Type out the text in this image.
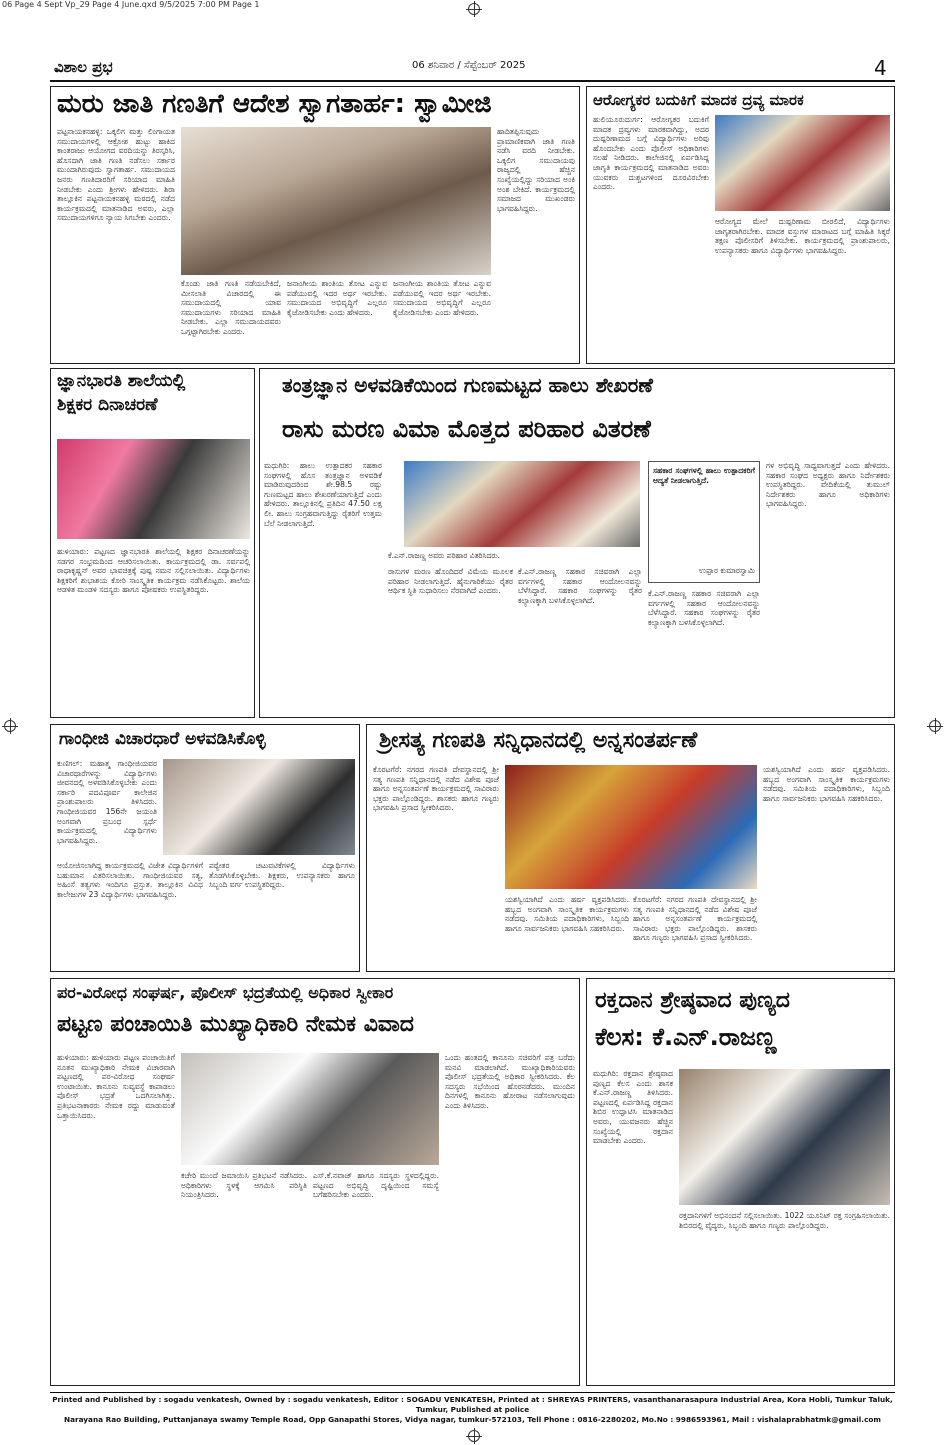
06 Page 4 Sept Vp_29 Page 4 June.qxd 9/5/2025 7:00 PM Page 1
ವಿಶಾಲ ಪ್ರಭ	06 ಶನಿವಾರ / ಸೆಪ್ಟೆಂಬರ್ 2025	4
ಮರು ಜಾತಿ ಗಣತಿಗೆ ಆದೇಶ ಸ್ವಾಗತಾರ್ಹ: ಸ್ವಾಮೀಜಿ
ಪಟ್ಟನಾಯಕನಹಳ್ಳಿ: ಒಕ್ಕಲಿಗ ಮತ್ತು ಲಿಂಗಾಯತ ಸಮುದಾಯಗಳಲ್ಲಿ ಆಕ್ರೋಶ ಹುಟ್ಟು ಹಾಕಿದ ಕಾಂತರಾಜು ಆಯೋಗದ ವರದಿಯನ್ನು ತಿರಸ್ಕರಿಸಿ, ಹೊಸದಾಗಿ ಜಾತಿ ಗಣತಿ ನಡೆಸಲು ಸರ್ಕಾರ ಮುಂದಾಗಿರುವುದು ಸ್ವಾಗತಾರ್ಹ. ಸಮುದಾಯದ ಜನರು ಗಣತಿದಾರರಿಗೆ ಸರಿಯಾದ ಮಾಹಿತಿ ನೀಡಬೇಕು ಎಂದು ಶ್ರೀಗಳು ಹೇಳಿದರು. ಶಿರಾ ತಾಲ್ಲೂಕಿನ ಪಟ್ಟನಾಯಕನಹಳ್ಳಿ ಮಠದಲ್ಲಿ ನಡೆದ ಕಾರ್ಯಕ್ರಮದಲ್ಲಿ ಮಾತನಾಡಿದ ಅವರು, ಎಲ್ಲಾ ಸಮುದಾಯಗಳಿಗೂ ನ್ಯಾಯ ಸಿಗಬೇಕು ಎಂದರು.
ಕೊಂಡು ಜಾತಿ ಗಣತಿ ನಡೆಯಬೇಕಿದೆ, ಮೀಸಲಾತಿ ವಿಚಾರದಲ್ಲಿ ಈ ಸಮುದಾಯದಲ್ಲಿ ಯಾವ ಸಮುದಾಯಗಳು ಸರಿಯಾದ ಮಾಹಿತಿ ನೀಡಬೇಕು. ಎಲ್ಲಾ ಸಮುದಾಯದವರು ಒಗ್ಗಟ್ಟಾಗಿರಬೇಕು ಎಂದರು.
ಜನಾಂಗೀಯ ಶಾಂತಿಯ ತೋಟ ಎನ್ನುವ ಪಡೆಯುವಲ್ಲಿ ಇದರ ಅರ್ಥ ಇರಬೇಕು. ಸಮುದಾಯದ ಅಭಿವೃದ್ಧಿಗೆ ಎಲ್ಲರೂ ಕೈಜೋಡಿಸಬೇಕು ಎಂದು ಹೇಳಿದರು.
ಜನಾಂಗೀಯ ಶಾಂತಿಯ ತೋಟ ಎನ್ನುವ ಪಡೆಯುವಲ್ಲಿ ಇದರ ಅರ್ಥ ಇರಬೇಕು. ಸಮುದಾಯದ ಅಭಿವೃದ್ಧಿಗೆ ಎಲ್ಲರೂ ಕೈಜೋಡಿಸಬೇಕು ಎಂದು ಹೇಳಿದರು.
ಹಾದಿತಪ್ಪಿಸುವುದು ಪ್ರಾಮಾಣಿಕವಾಗಿ ಜಾತಿ ಗಣತಿ ನಡೆಸಿ ವರದಿ ನೀಡಬೇಕು. ಒಕ್ಕಲಿಗ ಸಮುದಾಯವು ರಾಜ್ಯದಲ್ಲಿ ಹೆಚ್ಚಿನ ಸಂಖ್ಯೆಯಲ್ಲಿದ್ದು ಸರಿಯಾದ ಅಂಕಿ ಅಂಶ ಬೇಕಿದೆ. ಕಾರ್ಯಕ್ರಮದಲ್ಲಿ ಸಮಾಜದ ಮುಖಂಡರು ಭಾಗವಹಿಸಿದ್ದರು.
ಆರೋಗ್ಯಕರ ಬದುಕಿಗೆ ಮಾದಕ ದ್ರವ್ಯ ಮಾರಕ
ಹುಲಿಯೂರುದುರ್ಗ: ಆರೋಗ್ಯಕರ ಬದುಕಿಗೆ ಮಾದಕ ದ್ರವ್ಯಗಳು ಮಾರಕವಾಗಿದ್ದು, ಅದರ ದುಷ್ಪರಿಣಾಮದ ಬಗ್ಗೆ ವಿದ್ಯಾರ್ಥಿಗಳು ಅರಿವು ಹೊಂದಬೇಕು ಎಂದು ಪೊಲೀಸ್ ಅಧಿಕಾರಿಗಳು ಸಲಹೆ ನೀಡಿದರು. ಕಾಲೇಜಿನಲ್ಲಿ ಏರ್ಪಡಿಸಿದ್ದ ಜಾಗೃತಿ ಕಾರ್ಯಕ್ರಮದಲ್ಲಿ ಮಾತನಾಡಿದ ಅವರು ಯುವಕರು ದುಶ್ಚಟಗಳಿಂದ ದೂರವಿರಬೇಕು ಎಂದರು.
ಆರೋಗ್ಯದ ಮೇಲೆ ದುಷ್ಪರಿಣಾಮ ಬೀರಲಿದೆ, ವಿದ್ಯಾರ್ಥಿಗಳು ಜಾಗೃತರಾಗಿರಬೇಕು. ಮಾದಕ ವಸ್ತುಗಳ ಮಾರಾಟದ ಬಗ್ಗೆ ಮಾಹಿತಿ ಸಿಕ್ಕರೆ ತಕ್ಷಣ ಪೊಲೀಸರಿಗೆ ತಿಳಿಸಬೇಕು. ಕಾರ್ಯಕ್ರಮದಲ್ಲಿ ಪ್ರಾಂಶುಪಾಲರು, ಉಪನ್ಯಾಸಕರು ಹಾಗೂ ವಿದ್ಯಾರ್ಥಿಗಳು ಭಾಗವಹಿಸಿದ್ದರು.
ಜ್ಞಾನಭಾರತಿ ಶಾಲೆಯಲ್ಲಿ
ಶಿಕ್ಷಕರ ದಿನಾಚರಣೆ
ಹುಳಿಯಾರು: ಪಟ್ಟಣದ ಜ್ಞಾನಭಾರತಿ ಶಾಲೆಯಲ್ಲಿ ಶಿಕ್ಷಕರ ದಿನಾಚರಣೆಯನ್ನು ಸಡಗರ ಸಂಭ್ರಮದಿಂದ ಆಚರಿಸಲಾಯಿತು. ಕಾರ್ಯಕ್ರಮದಲ್ಲಿ ಡಾ. ಸರ್ವಪಲ್ಲಿ ರಾಧಾಕೃಷ್ಣನ್ ಅವರ ಭಾವಚಿತ್ರಕ್ಕೆ ಪುಷ್ಪ ನಮನ ಸಲ್ಲಿಸಲಾಯಿತು. ವಿದ್ಯಾರ್ಥಿಗಳು ಶಿಕ್ಷಕರಿಗೆ ಶುಭಾಶಯ ಕೋರಿ ಸಾಂಸ್ಕೃತಿಕ ಕಾರ್ಯಕ್ರಮ ನಡೆಸಿಕೊಟ್ಟರು. ಶಾಲೆಯ ಆಡಳಿತ ಮಂಡಳಿ ಸದಸ್ಯರು ಹಾಗೂ ಪೋಷಕರು ಉಪಸ್ಥಿತರಿದ್ದರು.
ತಂತ್ರಜ್ಞಾನ ಅಳವಡಿಕೆಯಿಂದ ಗುಣಮಟ್ಟದ ಹಾಲು ಶೇಖರಣೆ
ರಾಸು ಮರಣ ವಿಮಾ ಮೊತ್ತದ ಪರಿಹಾರ ವಿತರಣೆ
ಮಧುಗಿರಿ: ಹಾಲು ಉತ್ಪಾದಕರ ಸಹಕಾರ ಸಂಘಗಳಲ್ಲಿ ಹೊಸ ತಂತ್ರಜ್ಞಾನ ಅಳವಡಿಕೆ ಮಾಡಿರುವುದರಿಂದ ಶೇ.98.5 ರಷ್ಟು ಗುಣಮಟ್ಟದ ಹಾಲು ಶೇಖರಣೆಯಾಗುತ್ತಿದೆ ಎಂದು ಹೇಳಿದರು. ತಾಲ್ಲೂಕಿನಲ್ಲಿ ಪ್ರತಿದಿನ 47.50 ಲಕ್ಷ ಲೀ. ಹಾಲು ಸಂಗ್ರಹವಾಗುತ್ತಿದ್ದು ರೈತರಿಗೆ ಉತ್ತಮ ಬೆಲೆ ನೀಡಲಾಗುತ್ತಿದೆ.
ಕೆ.ಎನ್.ರಾಜಣ್ಣ ಅವರು ಪರಿಹಾರ ವಿತರಿಸಿದರು.
ರಾಸುಗಳ ಮರಣ ಹೊಂದಿದರೆ ವಿಮೆಯ ಮೂಲಕ ಪರಿಹಾರ ನೀಡಲಾಗುತ್ತಿದೆ. ಹೈನುಗಾರಿಕೆಯು ರೈತರ ಆರ್ಥಿಕ ಸ್ಥಿತಿ ಸುಧಾರಿಸಲು ನೆರವಾಗಿದೆ ಎಂದರು.
ಕೆ.ಎನ್.ರಾಜಣ್ಣ ಸಹಕಾರ ಸಚಿವರಾಗಿ ಎಲ್ಲಾ ವರ್ಗಗಳಲ್ಲಿ ಸಹಕಾರ ಆಂದೋಲನವನ್ನು ಬೆಳೆಸಿದ್ದಾರೆ. ಸಹಕಾರ ಸಂಘಗಳನ್ನು ರೈತರ ಕಲ್ಯಾಣಕ್ಕಾಗಿ ಬಳಸಿಕೊಳ್ಳಲಾಗಿದೆ.
ಸಹಕಾರ ಸಂಘಗಳಲ್ಲಿ ಹಾಲು ಉತ್ಪಾದಕರಿಗೆ ಆದ್ಯತೆ ನೀಡಲಾಗುತ್ತಿದೆ.
ಉಪ್ಪಾರ ಕುಮಾರಸ್ವಾಮಿ
ಕೆ.ಎನ್.ರಾಜಣ್ಣ ಸಹಕಾರ ಸಚಿವರಾಗಿ ಎಲ್ಲಾ ವರ್ಗಗಳಲ್ಲಿ ಸಹಕಾರ ಆಂದೋಲನವನ್ನು ಬೆಳೆಸಿದ್ದಾರೆ. ಸಹಕಾರ ಸಂಘಗಳನ್ನು ರೈತರ ಕಲ್ಯಾಣಕ್ಕಾಗಿ ಬಳಸಿಕೊಳ್ಳಲಾಗಿದೆ.
ಗಳ ಅಭಿವೃದ್ಧಿ ಸಾಧ್ಯವಾಗುತ್ತದೆ ಎಂದು ಹೇಳಿದರು. ಸಹಕಾರ ಸಂಘದ ಅಧ್ಯಕ್ಷರು ಹಾಗೂ ನಿರ್ದೇಶಕರು ಉಪಸ್ಥಿತರಿದ್ದರು. ವೇದಿಕೆಯಲ್ಲಿ ತುಮುಲ್ ನಿರ್ದೇಶಕರು ಹಾಗೂ ಅಧಿಕಾರಿಗಳು ಭಾಗವಹಿಸಿದ್ದರು.
ಗಾಂಧೀಜಿ ವಿಚಾರಧಾರೆ ಅಳವಡಿಸಿಕೊಳ್ಳಿ
ಕುಣಿಗಲ್: ಮಹಾತ್ಮ ಗಾಂಧೀಜಿಯವರ ವಿಚಾರಧಾರೆಗಳನ್ನು ವಿದ್ಯಾರ್ಥಿಗಳು ಜೀವನದಲ್ಲಿ ಅಳವಡಿಸಿಕೊಳ್ಳಬೇಕು ಎಂದು ಸರ್ಕಾರಿ ಪದವಿಪೂರ್ವ ಕಾಲೇಜಿನ ಪ್ರಾಂಶುಪಾಲರು ತಿಳಿಸಿದರು. ಗಾಂಧೀಜಿಯವರ 156ನೇ ಜಯಂತಿ ಅಂಗವಾಗಿ ಪ್ರಬಂಧ ಸ್ಪರ್ಧೆ ಕಾರ್ಯಕ್ರಮದಲ್ಲಿ ವಿದ್ಯಾರ್ಥಿಗಳು ಭಾಗವಹಿಸಿದ್ದರು.
ಆಯೋಜಿಸಲಾಗಿದ್ದ ಕಾರ್ಯಕ್ರಮದಲ್ಲಿ ವಿಜೇತ ವಿದ್ಯಾರ್ಥಿಗಳಿಗೆ ಬಹುಮಾನ ವಿತರಿಸಲಾಯಿತು. ಗಾಂಧೀಜಿಯವರ ಸತ್ಯ, ಅಹಿಂಸೆ ತತ್ವಗಳು ಇಂದಿಗೂ ಪ್ರಸ್ತುತ. ತಾಲ್ಲೂಕಿನ ವಿವಿಧ ಕಾಲೇಜುಗಳ 23 ವಿದ್ಯಾರ್ಥಿಗಳು ಭಾಗವಹಿಸಿದ್ದರು.
ಪಠ್ಯೇತರ ಚಟುವಟಿಕೆಗಳಲ್ಲಿ ವಿದ್ಯಾರ್ಥಿಗಳು ತೊಡಗಿಸಿಕೊಳ್ಳಬೇಕು. ಶಿಕ್ಷಕರು, ಉಪನ್ಯಾಸಕರು ಹಾಗೂ ಸಿಬ್ಬಂದಿ ವರ್ಗ ಉಪಸ್ಥಿತರಿದ್ದರು.
ಶ್ರೀಸತ್ಯ ಗಣಪತಿ ಸನ್ನಿಧಾನದಲ್ಲಿ ಅನ್ನಸಂತರ್ಪಣೆ
ಕೊರಟಗೆರೆ: ನಗರದ ಗಣಪತಿ ದೇವಸ್ಥಾನದಲ್ಲಿ ಶ್ರೀ ಸತ್ಯ ಗಣಪತಿ ಸನ್ನಿಧಾನದಲ್ಲಿ ನಡೆದ ವಿಶೇಷ ಪೂಜೆ ಹಾಗೂ ಅನ್ನಸಂತರ್ಪಣೆ ಕಾರ್ಯಕ್ರಮದಲ್ಲಿ ಸಾವಿರಾರು ಭಕ್ತರು ಪಾಲ್ಗೊಂಡಿದ್ದರು. ಶಾಸಕರು ಹಾಗೂ ಗಣ್ಯರು ಭಾಗವಹಿಸಿ ಪ್ರಸಾದ ಸ್ವೀಕರಿಸಿದರು.
ಯಶಸ್ವಿಯಾಗಿದೆ ಎಂದು ಹರ್ಷ ವ್ಯಕ್ತಪಡಿಸಿದರು. ಹಬ್ಬದ ಅಂಗವಾಗಿ ಸಾಂಸ್ಕೃತಿಕ ಕಾರ್ಯಕ್ರಮಗಳು ನಡೆದವು. ಸಮಿತಿಯ ಪದಾಧಿಕಾರಿಗಳು, ಸಿಬ್ಬಂದಿ ಹಾಗೂ ಸಾರ್ವಜನಿಕರು ಭಾಗವಹಿಸಿ ಸಹಕರಿಸಿದರು.
ಕೊರಟಗೆರೆ: ನಗರದ ಗಣಪತಿ ದೇವಸ್ಥಾನದಲ್ಲಿ ಶ್ರೀ ಸತ್ಯ ಗಣಪತಿ ಸನ್ನಿಧಾನದಲ್ಲಿ ನಡೆದ ವಿಶೇಷ ಪೂಜೆ ಹಾಗೂ ಅನ್ನಸಂತರ್ಪಣೆ ಕಾರ್ಯಕ್ರಮದಲ್ಲಿ ಸಾವಿರಾರು ಭಕ್ತರು ಪಾಲ್ಗೊಂಡಿದ್ದರು. ಶಾಸಕರು ಹಾಗೂ ಗಣ್ಯರು ಭಾಗವಹಿಸಿ ಪ್ರಸಾದ ಸ್ವೀಕರಿಸಿದರು.
ಯಶಸ್ವಿಯಾಗಿದೆ ಎಂದು ಹರ್ಷ ವ್ಯಕ್ತಪಡಿಸಿದರು. ಹಬ್ಬದ ಅಂಗವಾಗಿ ಸಾಂಸ್ಕೃತಿಕ ಕಾರ್ಯಕ್ರಮಗಳು ನಡೆದವು. ಸಮಿತಿಯ ಪದಾಧಿಕಾರಿಗಳು, ಸಿಬ್ಬಂದಿ ಹಾಗೂ ಸಾರ್ವಜನಿಕರು ಭಾಗವಹಿಸಿ ಸಹಕರಿಸಿದರು.
ಪರ-ವಿರೋಧ ಸಂಘರ್ಷ, ಪೊಲೀಸ್ ಭದ್ರತೆಯಲ್ಲಿ ಅಧಿಕಾರ ಸ್ವೀಕಾರ
ಪಟ್ಟಣ ಪಂಚಾಯಿತಿ ಮುಖ್ಯಾಧಿಕಾರಿ ನೇಮಕ ವಿವಾದ
ಹುಳಿಯಾರು: ಹುಳಿಯಾರು ಪಟ್ಟಣ ಪಂಚಾಯಿತಿಗೆ ನೂತನ ಮುಖ್ಯಾಧಿಕಾರಿ ನೇಮಕ ವಿಚಾರವಾಗಿ ಪಟ್ಟಣದಲ್ಲಿ ಪರ-ವಿರೋಧ ಸಂಘರ್ಷ ಉಂಟಾಯಿತು. ಕಾನೂನು ಸುವ್ಯವಸ್ಥೆ ಕಾಪಾಡಲು ಪೊಲೀಸ್ ಭದ್ರತೆ ಒದಗಿಸಲಾಗಿತ್ತು. ಪ್ರತಿಭಟನಾಕಾರರು ನೇಮಕ ರದ್ದು ಮಾಡುವಂತೆ ಒತ್ತಾಯಿಸಿದರು.
ಕಚೇರಿ ಮುಂದೆ ಜಮಾಯಿಸಿ ಪ್ರತಿಭಟನೆ ನಡೆಸಿದರು. ಅಧಿಕಾರಿಗಳು ಸ್ಥಳಕ್ಕೆ ಆಗಮಿಸಿ ಪರಿಸ್ಥಿತಿ ನಿಯಂತ್ರಿಸಿದರು.
ಎಸ್.ಕೆ.ನವಾಜ್ ಹಾಗೂ ಸದಸ್ಯರು ಸ್ಥಳದಲ್ಲಿದ್ದರು. ಪಟ್ಟಣದ ಅಭಿವೃದ್ಧಿ ದೃಷ್ಟಿಯಿಂದ ಸಮಸ್ಯೆ ಬಗೆಹರಿಸಬೇಕು ಎಂದರು.
ಒಂದು ಹಂತದಲ್ಲಿ ಕಾನೂನು ಸಚಿವರಿಗೆ ಪತ್ರ ಬರೆದು ಮನವಿ ಮಾಡಲಾಗಿದೆ. ಮುಖ್ಯಾಧಿಕಾರಿಯವರು ಪೊಲೀಸ್ ಭದ್ರತೆಯಲ್ಲಿ ಅಧಿಕಾರ ಸ್ವೀಕರಿಸಿದರು. ಕೆಲ ಸದಸ್ಯರು ಸಭೆಯಿಂದ ಹೊರನಡೆದರು. ಮುಂದಿನ ದಿನಗಳಲ್ಲಿ ಕಾನೂನು ಹೋರಾಟ ನಡೆಸಲಾಗುವುದು ಎಂದು ತಿಳಿಸಿದರು.
ರಕ್ತದಾನ ಶ್ರೇಷ್ಠವಾದ ಪುಣ್ಯದ
ಕೆಲಸ: ಕೆ.ಎನ್.ರಾಜಣ್ಣ
ಮಧುಗಿರಿ: ರಕ್ತದಾನ ಶ್ರೇಷ್ಠವಾದ ಪುಣ್ಯದ ಕೆಲಸ ಎಂದು ಶಾಸಕ ಕೆ.ಎನ್.ರಾಜಣ್ಣ ತಿಳಿಸಿದರು. ಪಟ್ಟಣದಲ್ಲಿ ಏರ್ಪಡಿಸಿದ್ದ ರಕ್ತದಾನ ಶಿಬಿರ ಉದ್ಘಾಟಿಸಿ ಮಾತನಾಡಿದ ಅವರು, ಯುವಜನರು ಹೆಚ್ಚಿನ ಸಂಖ್ಯೆಯಲ್ಲಿ ರಕ್ತದಾನ ಮಾಡಬೇಕು ಎಂದರು.
ರಕ್ತದಾನಿಗಳಿಗೆ ಅಭಿನಂದನೆ ಸಲ್ಲಿಸಲಾಯಿತು. 1022 ಯೂನಿಟ್ ರಕ್ತ ಸಂಗ್ರಹಿಸಲಾಯಿತು. ಶಿಬಿರದಲ್ಲಿ ವೈದ್ಯರು, ಸಿಬ್ಬಂದಿ ಹಾಗೂ ಗಣ್ಯರು ಪಾಲ್ಗೊಂಡಿದ್ದರು.
Printed and Published by : sogadu venkatesh, Owned by : sogadu venkatesh, Editor : SOGADU VENKATESH, Printed at : SHREYAS PRINTERS, vasanthanarasapura Industrial Area, Kora Hobli, Tumkur Taluk, Tumkur, Published at police
Narayana Rao Building, Puttanjanaya swamy Temple Road, Opp Ganapathi Stores, Vidya nagar, tumkur-572103, Tell Phone : 0816-2280202, Mo.No : 9986593961, Mail : vishalaprabhatmk@gmail.com
